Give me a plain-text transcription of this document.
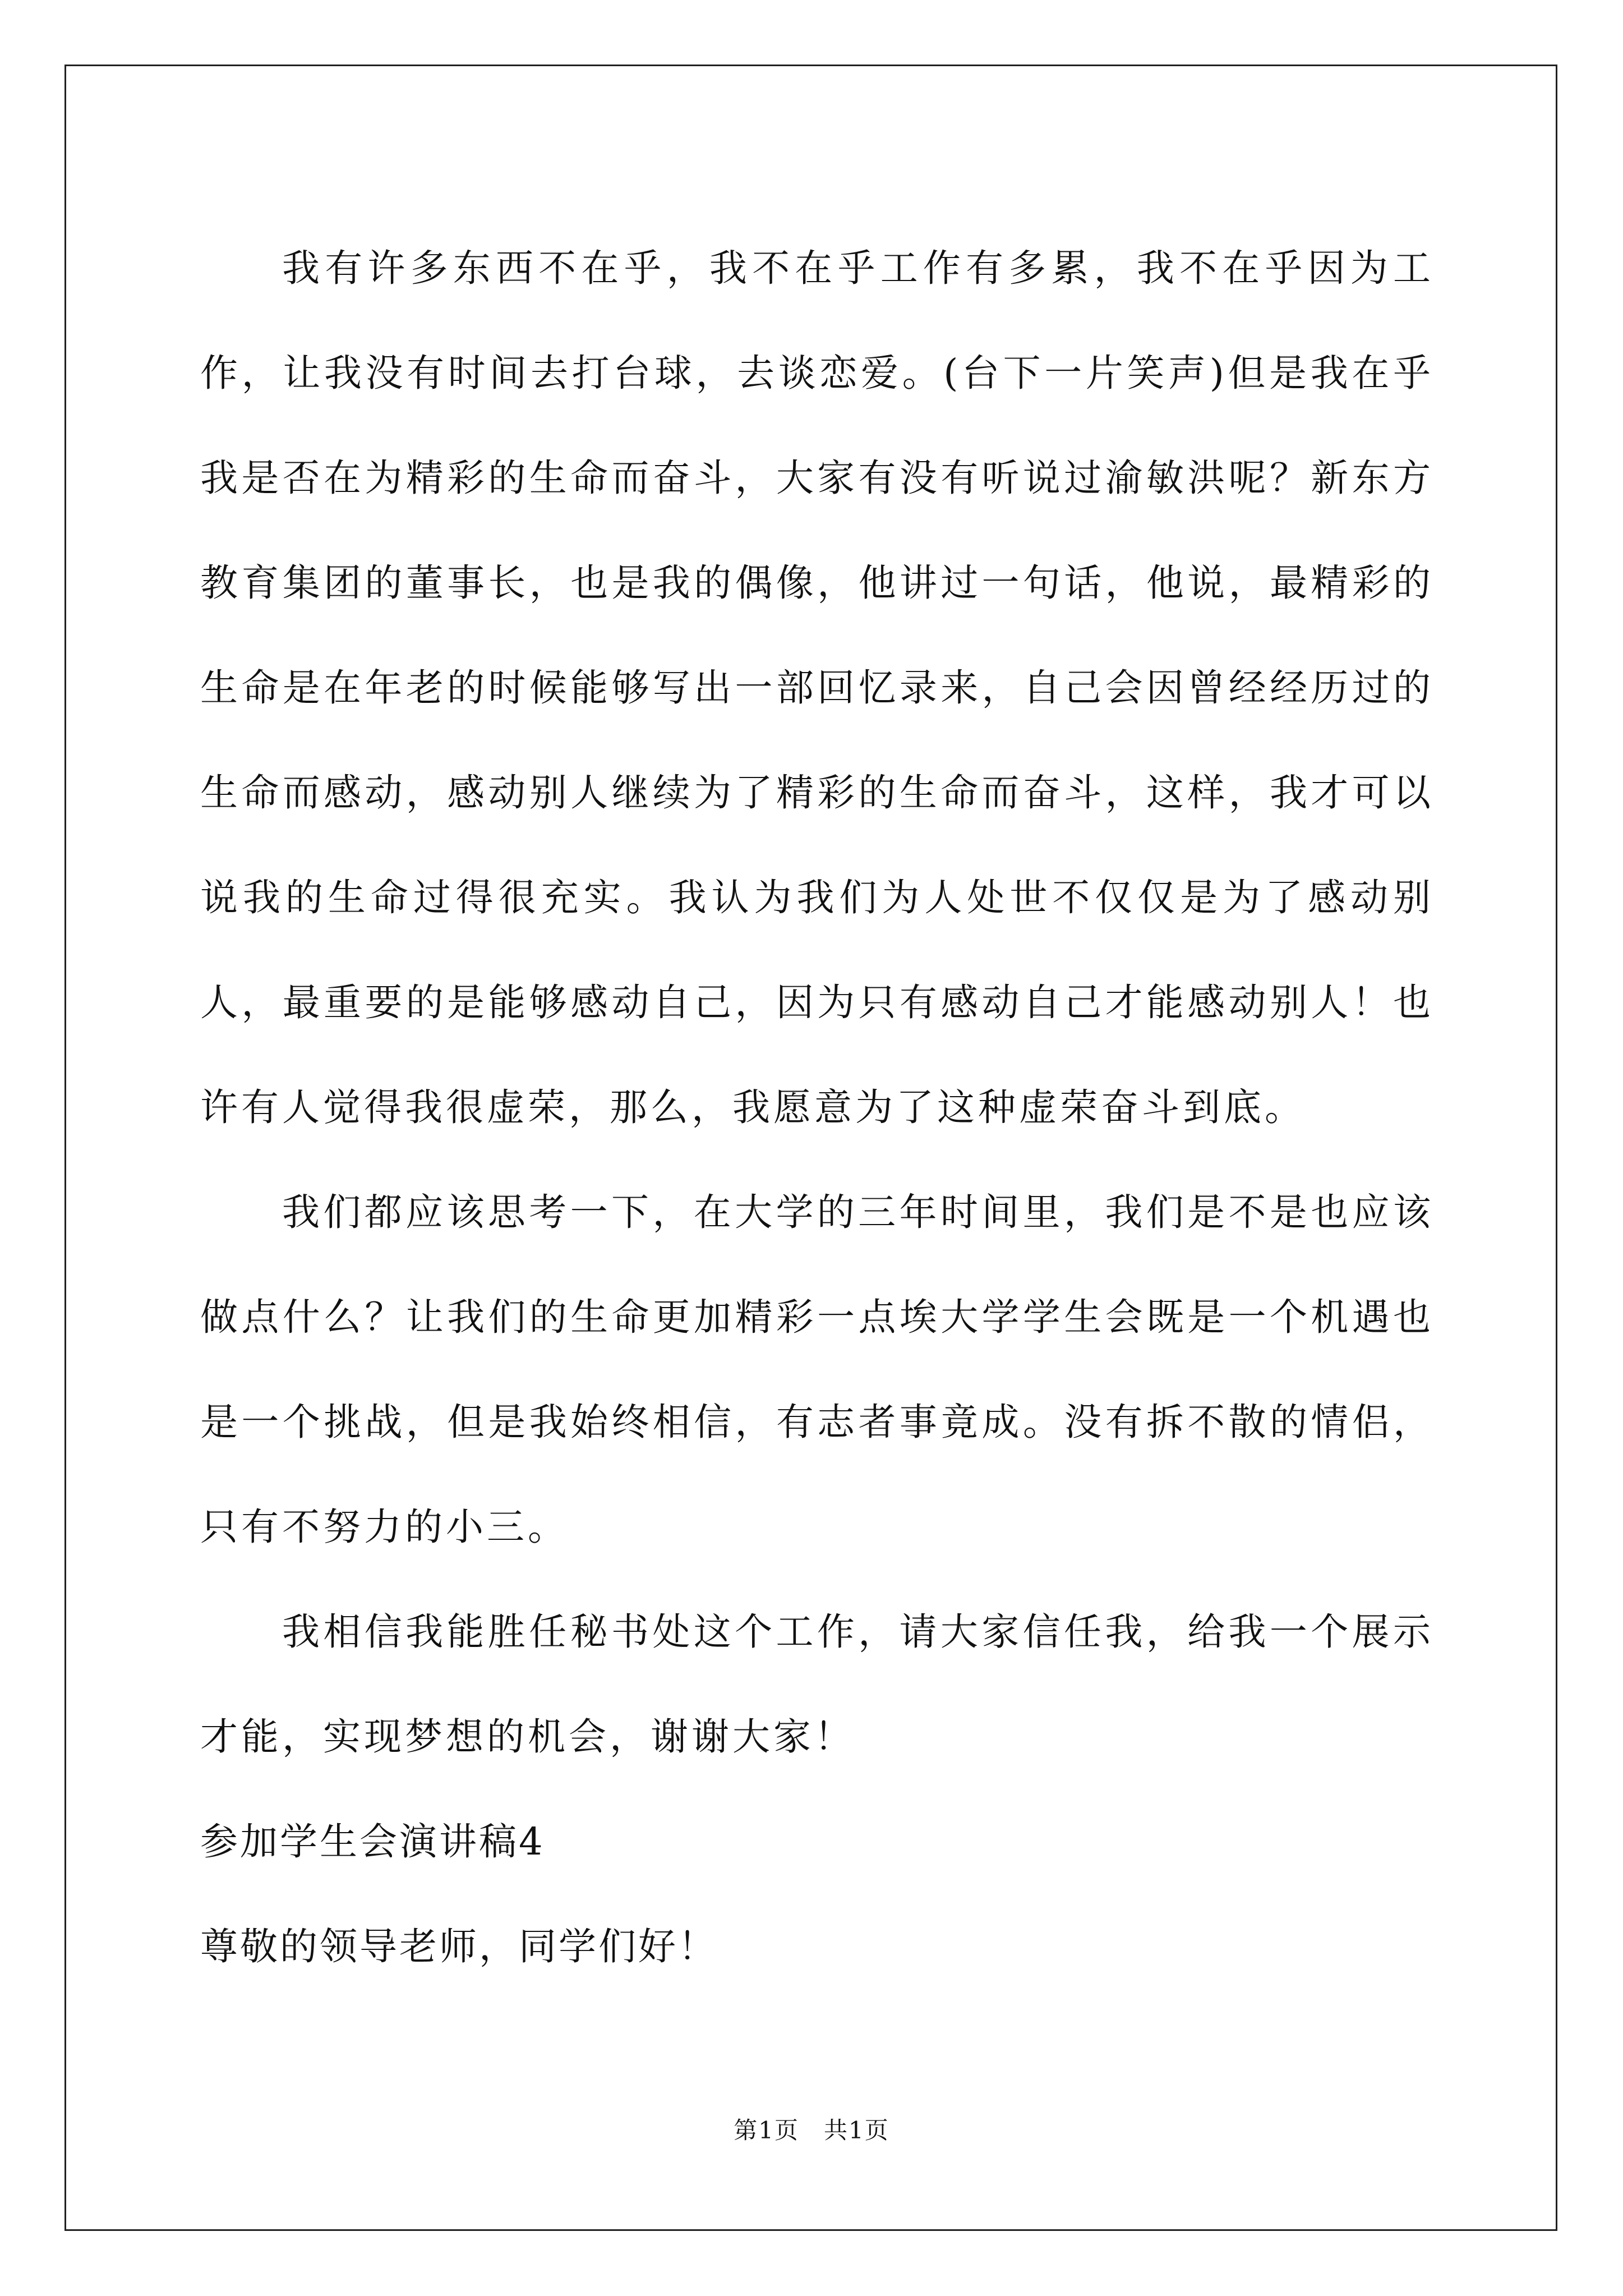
我有许多东西不在乎，我不在乎工作有多累，我不在乎因为工作，让我没有时间去打台球，去谈恋爱。(台下一片笑声)但是我在乎我是否在为精彩的生命而奋斗，大家有没有听说过渝敏洪呢？新东方教育集团的董事长，也是我的偶像，他讲过一句话，他说，最精彩的生命是在年老的时候能够写出一部回忆录来，自己会因曾经经历过的生命而感动，感动别人继续为了精彩的生命而奋斗，这样，我才可以说我的生命过得很充实。我认为我们为人处世不仅仅是为了感动别人，最重要的是能够感动自己，因为只有感动自己才能感动别人！也许有人觉得我很虚荣，那么，我愿意为了这种虚荣奋斗到底。

我们都应该思考一下，在大学的三年时间里，我们是不是也应该做点什么？让我们的生命更加精彩一点埃大学学生会既是一个机遇也是一个挑战，但是我始终相信，有志者事竟成。没有拆不散的情侣，只有不努力的小三。

我相信我能胜任秘书处这个工作，请大家信任我，给我一个展示才能，实现梦想的机会，谢谢大家！

参加学生会演讲稿4

尊敬的领导老师，同学们好！

第1页　共1页
